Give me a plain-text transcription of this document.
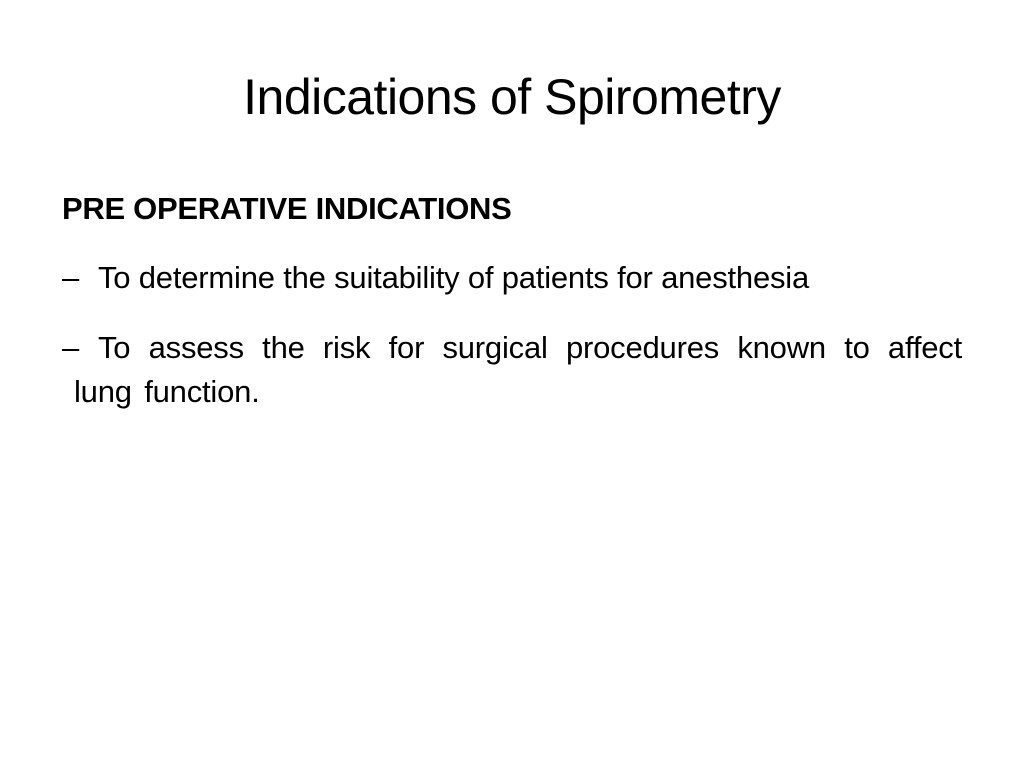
Indications of Spirometry

PRE OPERATIVE INDICATIONS

– To determine the suitability of patients for anesthesia
– To assess the risk for surgical procedures known to affect lung function.
